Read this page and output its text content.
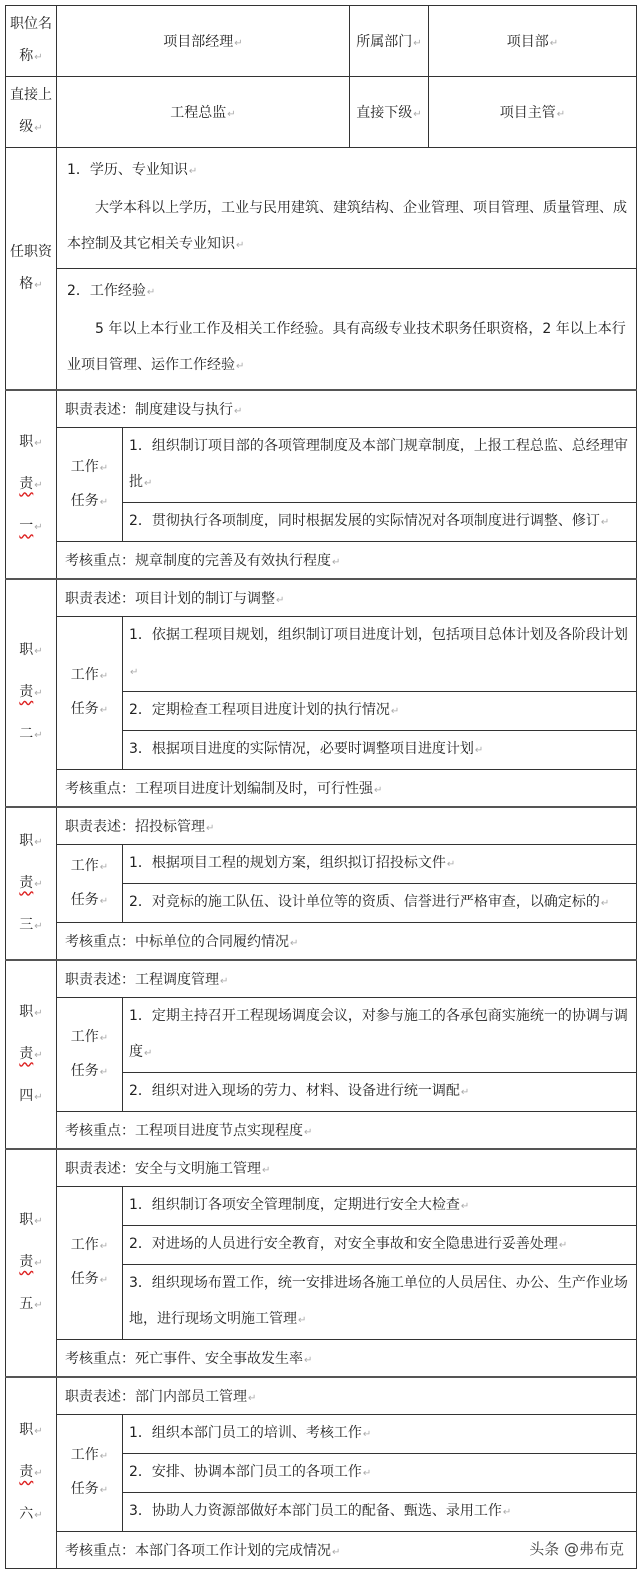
职位名称 ↵	项目部经理 ↵	所属部门 ↵	项目部 ↵
直接上级 ↵	工程总监 ↵	直接下级 ↵	项目主管 ↵
任职资格 ↵	1．学历、专业知识 ↵

大学本科以上学历，工业与民用建筑、建筑结构、企业管理、项目管理、质量管理、成本控制及其它相关专业知识 ↵

	2．工作经验 ↵

5 年以上本行业工作及相关工作经验。具有高级专业技术职务任职资格，2 年以上本行业项目管理、运作工作经验 ↵

职 ↵
责 ↵
一 ↵	职责表述：制度建设与执行 ↵

	工作 ↵
任务 ↵	1．组织制订项目部的各项管理制度及本部门规章制度，上报工程总监、总经理审批 ↵
		2．贯彻执行各项制度，同时根据发展的实际情况对各项制度进行调整、修订 ↵
	考核重点：规章制度的完善及有效执行程度 ↵

职 ↵
责 ↵
二 ↵	职责表述：项目计划的制订与调整 ↵

	工作 ↵
任务 ↵	1．依据工程项目规划，组织制订项目进度计划，包括项目总体计划及各阶段计划 ↵
		2．定期检查工程项目进度计划的执行情况 ↵
		3．根据项目进度的实际情况，必要时调整项目进度计划 ↵
	考核重点：工程项目进度计划编制及时，可行性强 ↵

职 ↵
责 ↵
三 ↵	职责表述：招投标管理 ↵

	工作 ↵
任务 ↵	1．根据项目工程的规划方案，组织拟订招投标文件 ↵
		2．对竞标的施工队伍、设计单位等的资质、信誉进行严格审查，以确定标的 ↵
	考核重点：中标单位的合同履约情况 ↵

职 ↵
责 ↵
四 ↵	职责表述：工程调度管理 ↵

	工作 ↵
任务 ↵	1．定期主持召开工程现场调度会议，对参与施工的各承包商实施统一的协调与调度 ↵
		2．组织对进入现场的劳力、材料、设备进行统一调配 ↵
	考核重点：工程项目进度节点实现程度 ↵

职 ↵
责 ↵
五 ↵	职责表述：安全与文明施工管理 ↵

	工作 ↵
任务 ↵	1．组织制订各项安全管理制度，定期进行安全大检查 ↵
		2．对进场的人员进行安全教育，对安全事故和安全隐患进行妥善处理 ↵
		3．组织现场布置工作，统一安排进场各施工单位的人员居住、办公、生产作业场地，进行现场文明施工管理 ↵
	考核重点：死亡事件、安全事故发生率 ↵

职 ↵
责 ↵
六 ↵	职责表述：部门内部员工管理 ↵

	工作 ↵
任务 ↵	1．组织本部门员工的培训、考核工作 ↵
		2．安排、协调本部门员工的各项工作 ↵
		3．协助人力资源部做好本部门员工的配备、甄选、录用工作 ↵
	考核重点：本部门各项工作计划的完成情况 ↵ 头条 @弗布克
